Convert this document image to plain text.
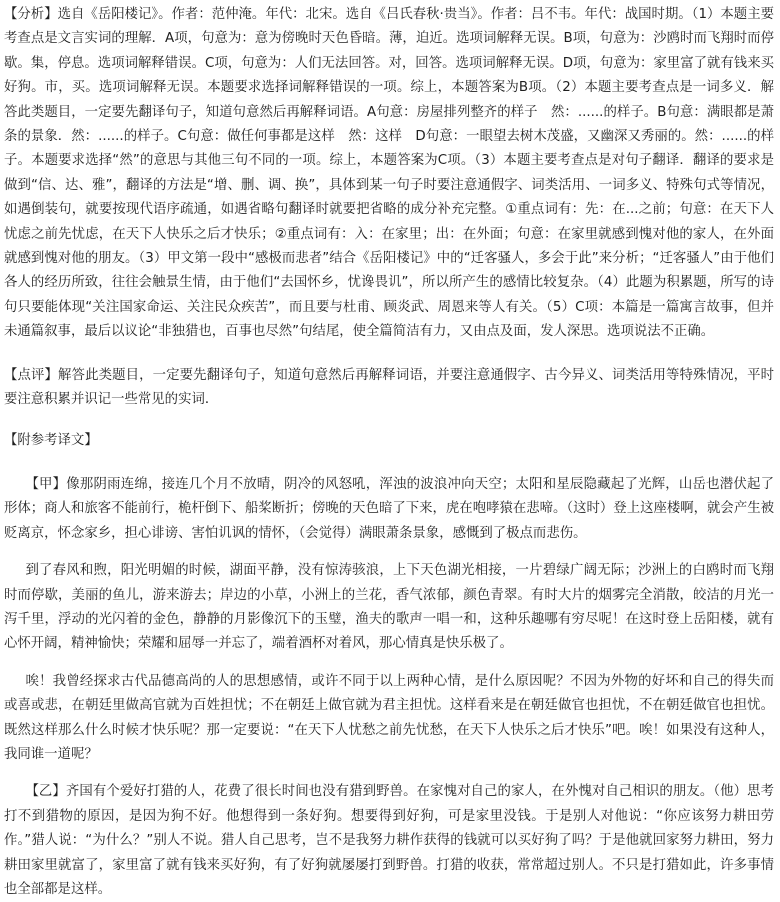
【分析】选自《岳阳楼记》。作者：范仲淹。年代：北宋。选自《吕氏春秋·贵当》。作者：吕不韦。年代：战国时期。（1）本题主要考查点是文言实词的理解．A项，句意为：意为傍晚时天色昏暗。薄，迫近。选项词解释无误。B项，句意为：沙鸥时而飞翔时而停歇。集，停息。选项词解释错误。C项，句意为：人们无法回答。对，回答。选项词解释无误。D项，句意为：家里富了就有钱来买好狗。市，买。选项词解释无误。本题要求选择词解释错误的一项。综上，本题答案为B项。（2）本题主要考查点是一词多义．解答此类题目，一定要先翻译句子，知道句意然后再解释词语。A句意：房屋排列整齐的样子　然：......的样子。B句意：满眼都是萧条的景象．然：......的样子。C句意：做任何事都是这样　然：这样　D句意：一眼望去树木茂盛，又幽深又秀丽的。然：......的样子。本题要求选择“然”的意思与其他三句不同的一项。综上，本题答案为C项。（3）本题主要考查点是对句子翻译．翻译的要求是做到“信、达、雅”，翻译的方法是“增、删、调、换”，具体到某一句子时要注意通假字、词类活用、一词多义、特殊句式等情况，如遇倒装句，就要按现代语序疏通，如遇省略句翻译时就要把省略的成分补充完整。①重点词有：先：在...之前；句意：在天下人忧虑之前先忧虑，在天下人快乐之后才快乐；②重点词有：入：在家里；出：在外面；句意：在家里就感到愧对他的家人，在外面就感到愧对他的朋友。（3）甲文第一段中“感极而悲者”结合《岳阳楼记》中的“迁客骚人，多会于此”来分析；“迁客骚人”由于他们各人的经历所致，往往会触景生情，由于他们“去国怀乡，忧谗畏讥”，所以所产生的感情比较复杂。（4）此题为积累题，所写的诗句只要能体现“关注国家命运、关注民众疾苦”，而且要与杜甫、顾炎武、周恩来等人有关。（5）C项：本篇是一篇寓言故事，但并未通篇叙事，最后以议论“非独猎也，百事也尽然”句结尾，使全篇简洁有力，又由点及面，发人深思。选项说法不正确。

【点评】解答此类题目，一定要先翻译句子，知道句意然后再解释词语，并要注意通假字、古今异义、词类活用等特殊情况，平时要注意积累并识记一些常见的实词．

【附参考译文】

【甲】像那阴雨连绵，接连几个月不放晴，阴冷的风怒吼，浑浊的波浪冲向天空；太阳和星辰隐藏起了光辉，山岳也潜伏起了形体；商人和旅客不能前行，桅杆倒下、船桨断折；傍晚的天色暗了下来，虎在咆哮猿在悲啼。（这时）登上这座楼啊，就会产生被贬离京，怀念家乡，担心诽谤、害怕讥讽的情怀，（会觉得）满眼萧条景象，感慨到了极点而悲伤。

到了春风和煦，阳光明媚的时候，湖面平静，没有惊涛骇浪，上下天色湖光相接，一片碧绿广阔无际；沙洲上的白鸥时而飞翔时而停歇，美丽的鱼儿，游来游去；岸边的小草，小洲上的兰花，香气浓郁，颜色青翠。有时大片的烟雾完全消散，皎洁的月光一泻千里，浮动的光闪着的金色，静静的月影像沉下的玉璧，渔夫的歌声一唱一和，这种乐趣哪有穷尽呢！在这时登上岳阳楼，就有心怀开阔，精神愉快；荣耀和屈辱一并忘了，端着酒杯对着风，那心情真是快乐极了。

唉！我曾经探求古代品德高尚的人的思想感情，或许不同于以上两种心情，是什么原因呢？不因为外物的好坏和自己的得失而或喜或悲，在朝廷里做高官就为百姓担忧；不在朝廷上做官就为君主担忧。这样看来是在朝廷做官也担忧，不在朝廷做官也担忧。既然这样那么什么时候才快乐呢？那一定要说：“在天下人忧愁之前先忧愁，在天下人快乐之后才快乐”吧。唉！如果没有这种人，我同谁一道呢？

【乙】齐国有个爱好打猎的人，花费了很长时间也没有猎到野兽。在家愧对自己的家人，在外愧对自己相识的朋友。（他）思考打不到猎物的原因，是因为狗不好。他想得到一条好狗。想要得到好狗，可是家里没钱。于是别人对他说：“你应该努力耕田劳作。”猎人说：“为什么？”别人不说。猎人自己思考，岂不是我努力耕作获得的钱就可以买好狗了吗？于是他就回家努力耕田，努力耕田家里就富了，家里富了就有钱来买好狗，有了好狗就屡屡打到野兽。打猎的收获，常常超过别人。不只是打猎如此，许多事情也全部都是这样。
